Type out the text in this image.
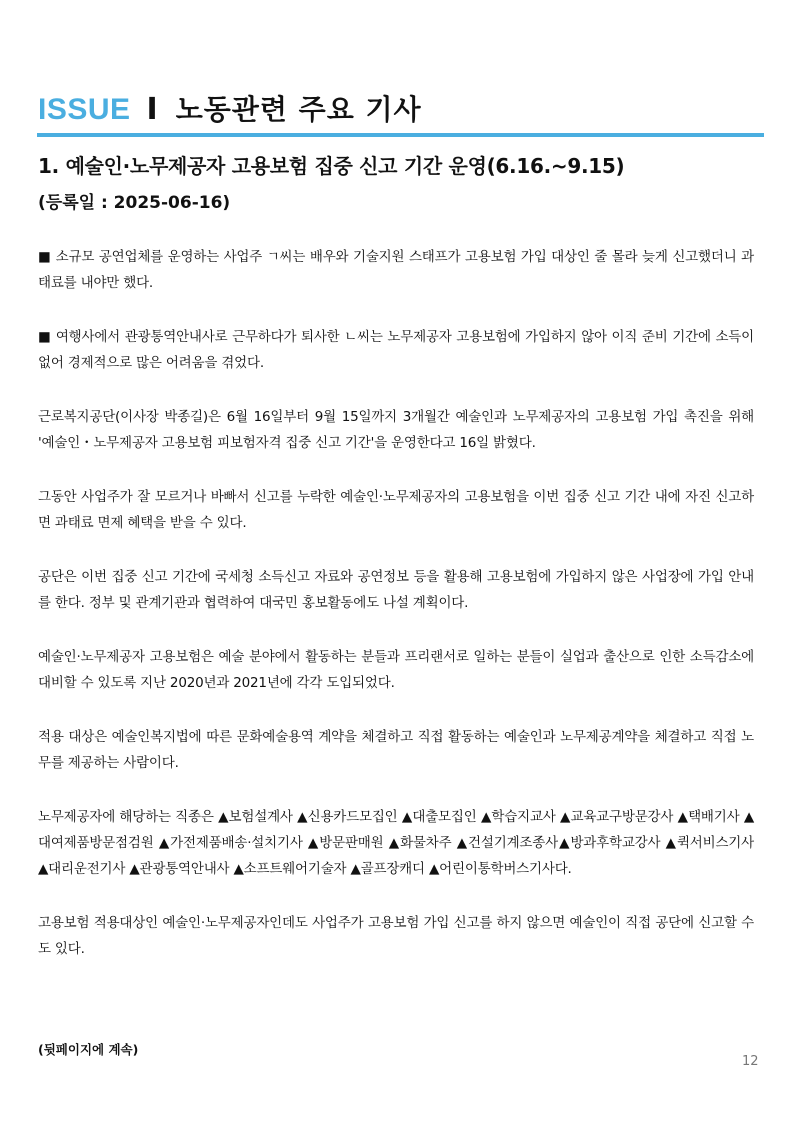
ISSUE I 노동관련 주요 기사
1. 예술인·노무제공자 고용보험 집중 신고 기간 운영(6.16.~9.15)
(등록일 : 2025-06-16)

■ 소규모 공연업체를 운영하는 사업주 ㄱ씨는 배우와 기술지원 스태프가 고용보험 가입 대상인 줄 몰라 늦게 신고했더니 과태료를 내야만 했다.

■ 여행사에서 관광통역안내사로 근무하다가 퇴사한 ㄴ씨는 노무제공자 고용보험에 가입하지 않아 이직 준비 기간에 소득이 없어 경제적으로 많은 어려움을 겪었다.

근로복지공단(이사장 박종길)은 6월 16일부터 9월 15일까지 3개월간 예술인과 노무제공자의 고용보험 가입 촉진을 위해 '예술인・노무제공자 고용보험 피보험자격 집중 신고 기간'을 운영한다고 16일 밝혔다.

그동안 사업주가 잘 모르거나 바빠서 신고를 누락한 예술인·노무제공자의 고용보험을 이번 집중 신고 기간 내에 자진 신고하면 과태료 면제 혜택을 받을 수 있다.

공단은 이번 집중 신고 기간에 국세청 소득신고 자료와 공연정보 등을 활용해 고용보험에 가입하지 않은 사업장에 가입 안내를 한다. 정부 및 관계기관과 협력하여 대국민 홍보활동에도 나설 계획이다.

예술인·노무제공자 고용보험은 예술 분야에서 활동하는 분들과 프리랜서로 일하는 분들이 실업과 출산으로 인한 소득감소에 대비할 수 있도록 지난 2020년과 2021년에 각각 도입되었다.

적용 대상은 예술인복지법에 따른 문화예술용역 계약을 체결하고 직접 활동하는 예술인과 노무제공계약을 체결하고 직접 노무를 제공하는 사람이다.

노무제공자에 해당하는 직종은 ▲보험설계사 ▲신용카드모집인 ▲대출모집인 ▲학습지교사 ▲교육교구방문강사 ▲택배기사 ▲대여제품방문점검원 ▲가전제품배송·설치기사 ▲방문판매원 ▲화물차주 ▲건설기계조종사▲방과후학교강사 ▲퀵서비스기사 ▲대리운전기사 ▲관광통역안내사 ▲소프트웨어기술자 ▲골프장캐디 ▲어린이통학버스기사다.

고용보험 적용대상인 예술인·노무제공자인데도 사업주가 고용보험 가입 신고를 하지 않으면 예술인이 직접 공단에 신고할 수도 있다.

(뒷페이지에 계속)
12
